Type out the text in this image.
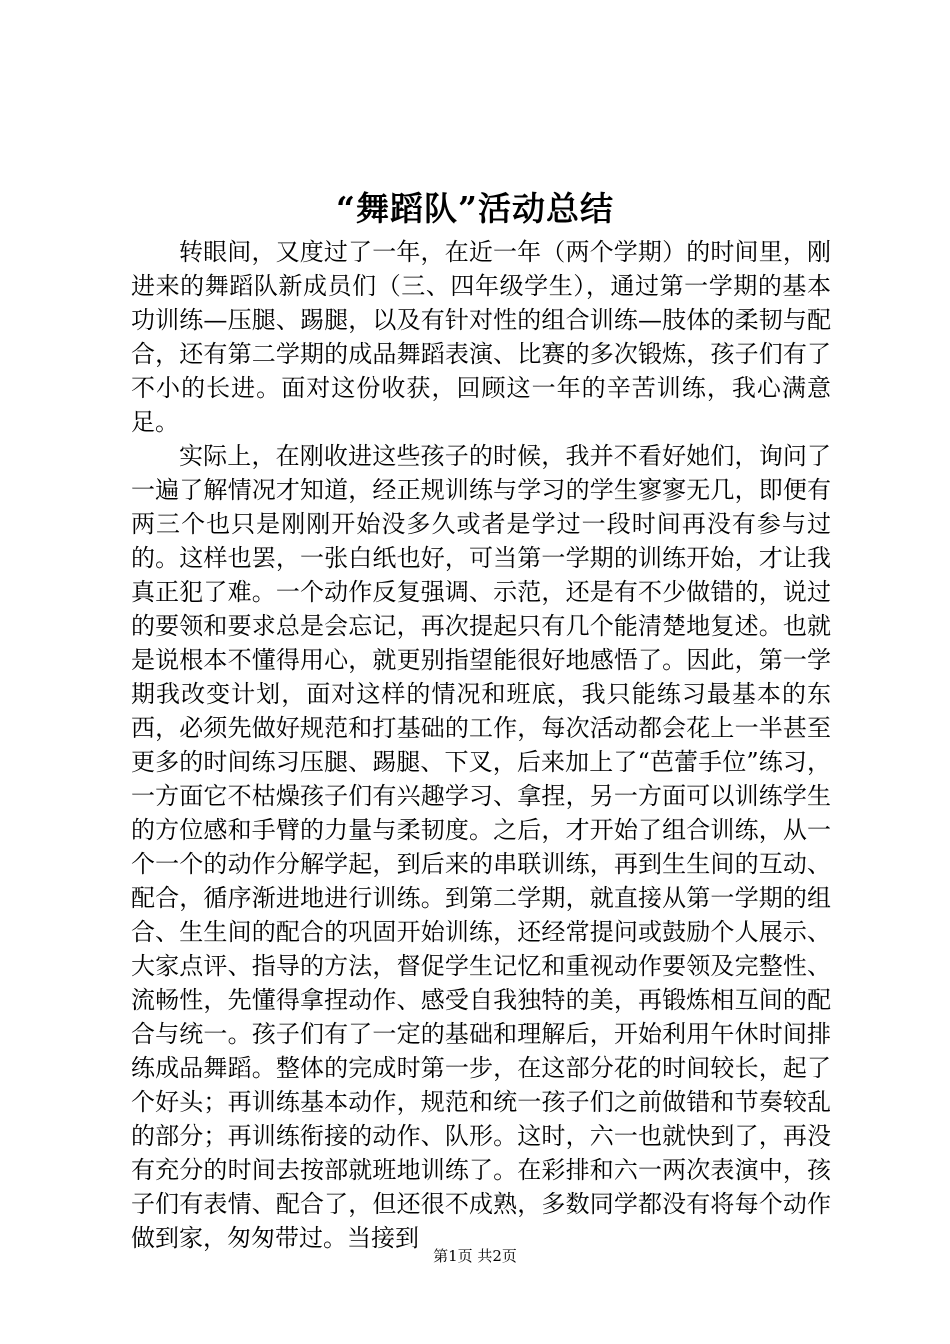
“舞蹈队”活动总结

转眼间，又度过了一年，在近一年（两个学期）的时间里，刚进来的舞蹈队新成员们（三、四年级学生），通过第一学期的基本功训练—压腿、踢腿，以及有针对性的组合训练—肢体的柔韧与配合，还有第二学期的成品舞蹈表演、比赛的多次锻炼，孩子们有了不小的长进。面对这份收获，回顾这一年的辛苦训练，我心满意足。

实际上，在刚收进这些孩子的时候，我并不看好她们，询问了一遍了解情况才知道，经正规训练与学习的学生寥寥无几，即便有两三个也只是刚刚开始没多久或者是学过一段时间再没有参与过的。这样也罢，一张白纸也好，可当第一学期的训练开始，才让我真正犯了难。一个动作反复强调、示范，还是有不少做错的，说过的要领和要求总是会忘记，再次提起只有几个能清楚地复述。也就是说根本不懂得用心，就更别指望能很好地感悟了。因此，第一学期我改变计划，面对这样的情况和班底，我只能练习最基本的东西，必须先做好规范和打基础的工作，每次活动都会花上一半甚至更多的时间练习压腿、踢腿、下叉，后来加上了“芭蕾手位”练习，一方面它不枯燥孩子们有兴趣学习、拿捏，另一方面可以训练学生的方位感和手臂的力量与柔韧度。之后，才开始了组合训练，从一个一个的动作分解学起，到后来的串联训练，再到生生间的互动、配合，循序渐进地进行训练。到第二学期，就直接从第一学期的组合、生生间的配合的巩固开始训练，还经常提问或鼓励个人展示、大家点评、指导的方法，督促学生记忆和重视动作要领及完整性、流畅性，先懂得拿捏动作、感受自我独特的美，再锻炼相互间的配合与统一。孩子们有了一定的基础和理解后，开始利用午休时间排练成品舞蹈。整体的完成时第一步，在这部分花的时间较长，起了个好头；再训练基本动作，规范和统一孩子们之前做错和节奏较乱的部分；再训练衔接的动作、队形。这时，六一也就快到了，再没有充分的时间去按部就班地训练了。在彩排和六一两次表演中，孩子们有表情、配合了，但还很不成熟，多数同学都没有将每个动作做到家，匆匆带过。当接到

第1页 共2页
